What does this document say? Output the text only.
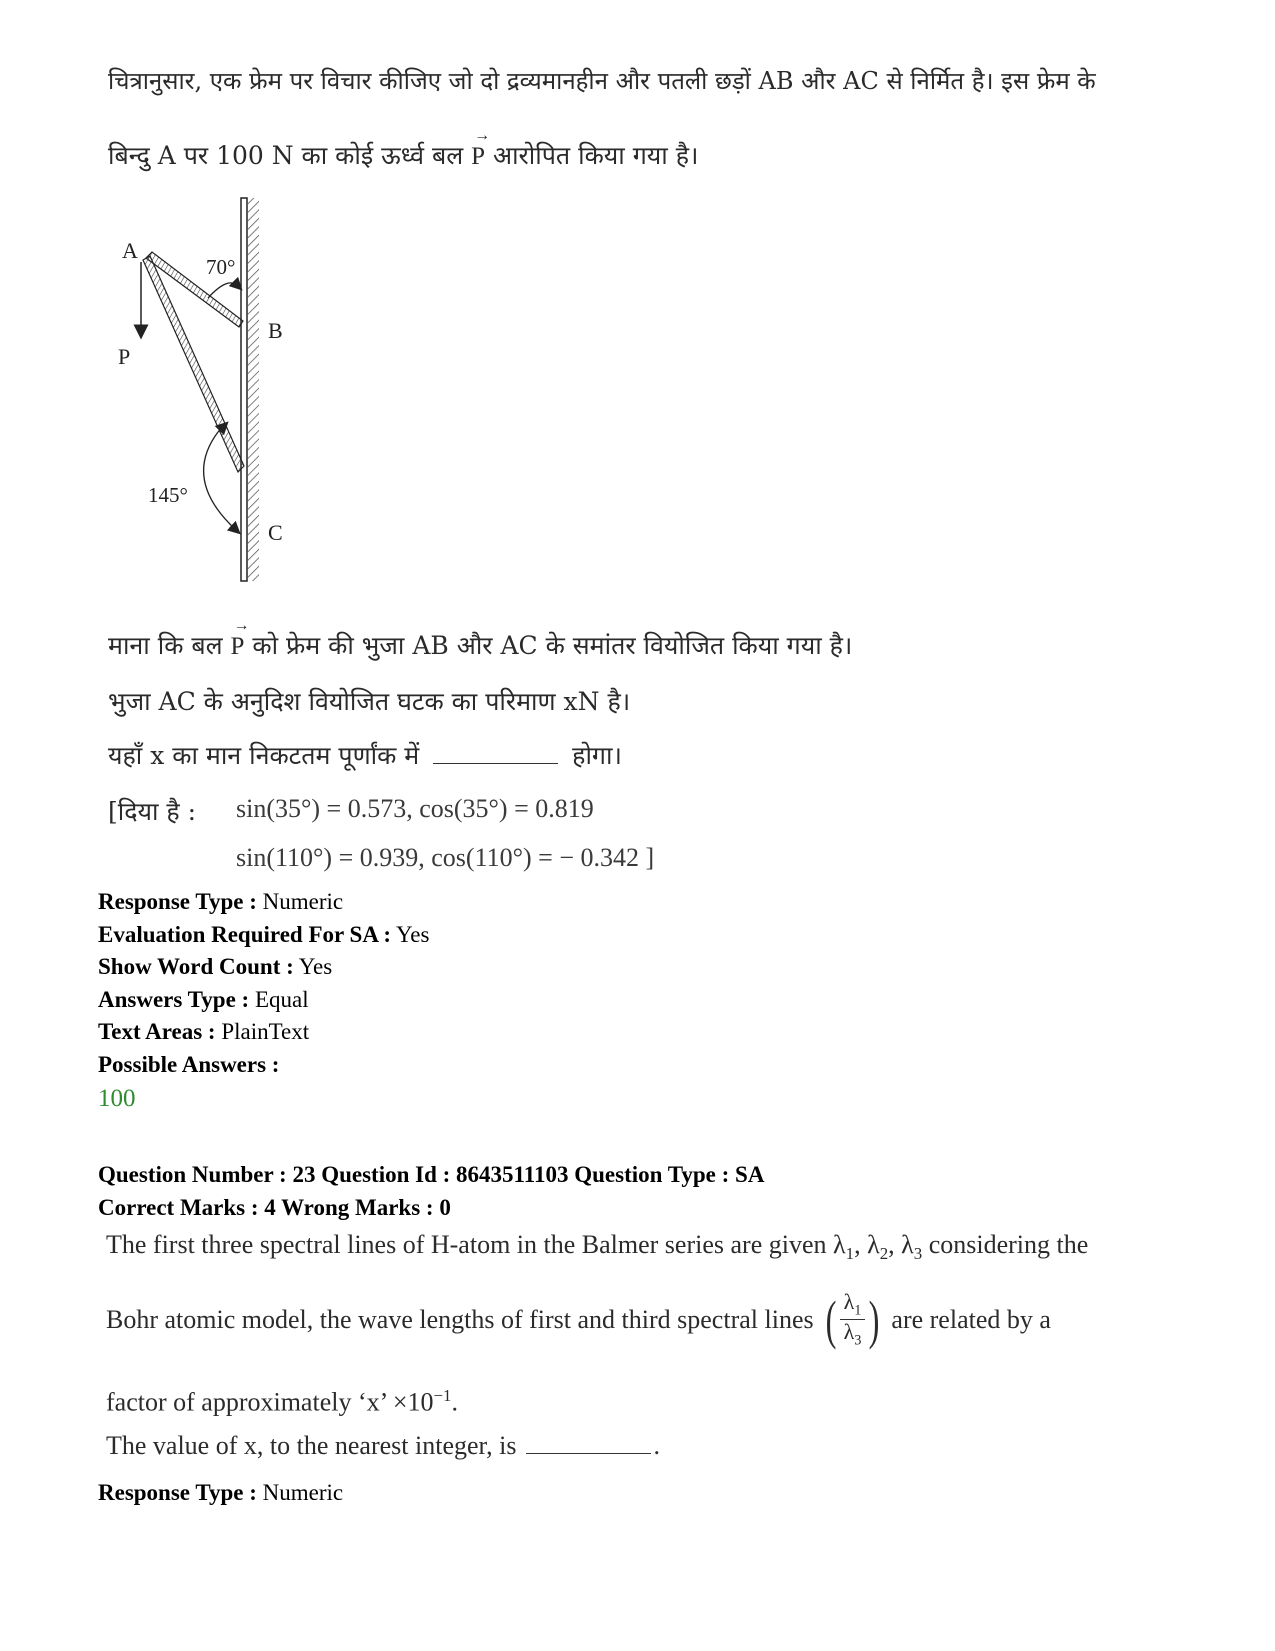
चित्रानुसार, एक फ्रेम पर विचार कीजिए जो दो द्रव्यमानहीन और पतली छड़ों AB और AC से निर्मित है। इस फ्रेम के
बिन्दु A पर 100 N का कोई ऊर्ध्व बल
→
P आरोपित किया गया है।
A
B
C
P
70°
145°
माना कि बल
→
P को फ्रेम की भुजा AB और AC के समांतर वियोजित किया गया है।
भुजा AC के अनुदिश वियोजित घटक का परिमाण xN है।
यहाँ x का मान निकटतम पूर्णांक में	होगा।
[दिया है : sin(35°) = 0.573, cos(35°) = 0.819
sin(110°) = 0.939, cos(110°) = − 0.342 ]
Response Type : Numeric
Evaluation Required For SA : Yes
Show Word Count : Yes
Answers Type : Equal
Text Areas : PlainText
Possible Answers :
100
Question Number : 23 Question Id : 8643511103 Question Type : SA
Correct Marks : 4 Wrong Marks : 0
The first three spectral lines of H-atom in the Balmer series are given $\lambda_1$, $\lambda_2$, $\lambda_3$ considering the
Bohr atomic model, the wave lengths of first and third spectral lines ( $\frac{\lambda_1}{\lambda_3}$ ) are related by a
factor of approximately ‘x’ $\times 10^{-1}$.
The value of x, to the nearest integer, is	.
Response Type : Numeric
